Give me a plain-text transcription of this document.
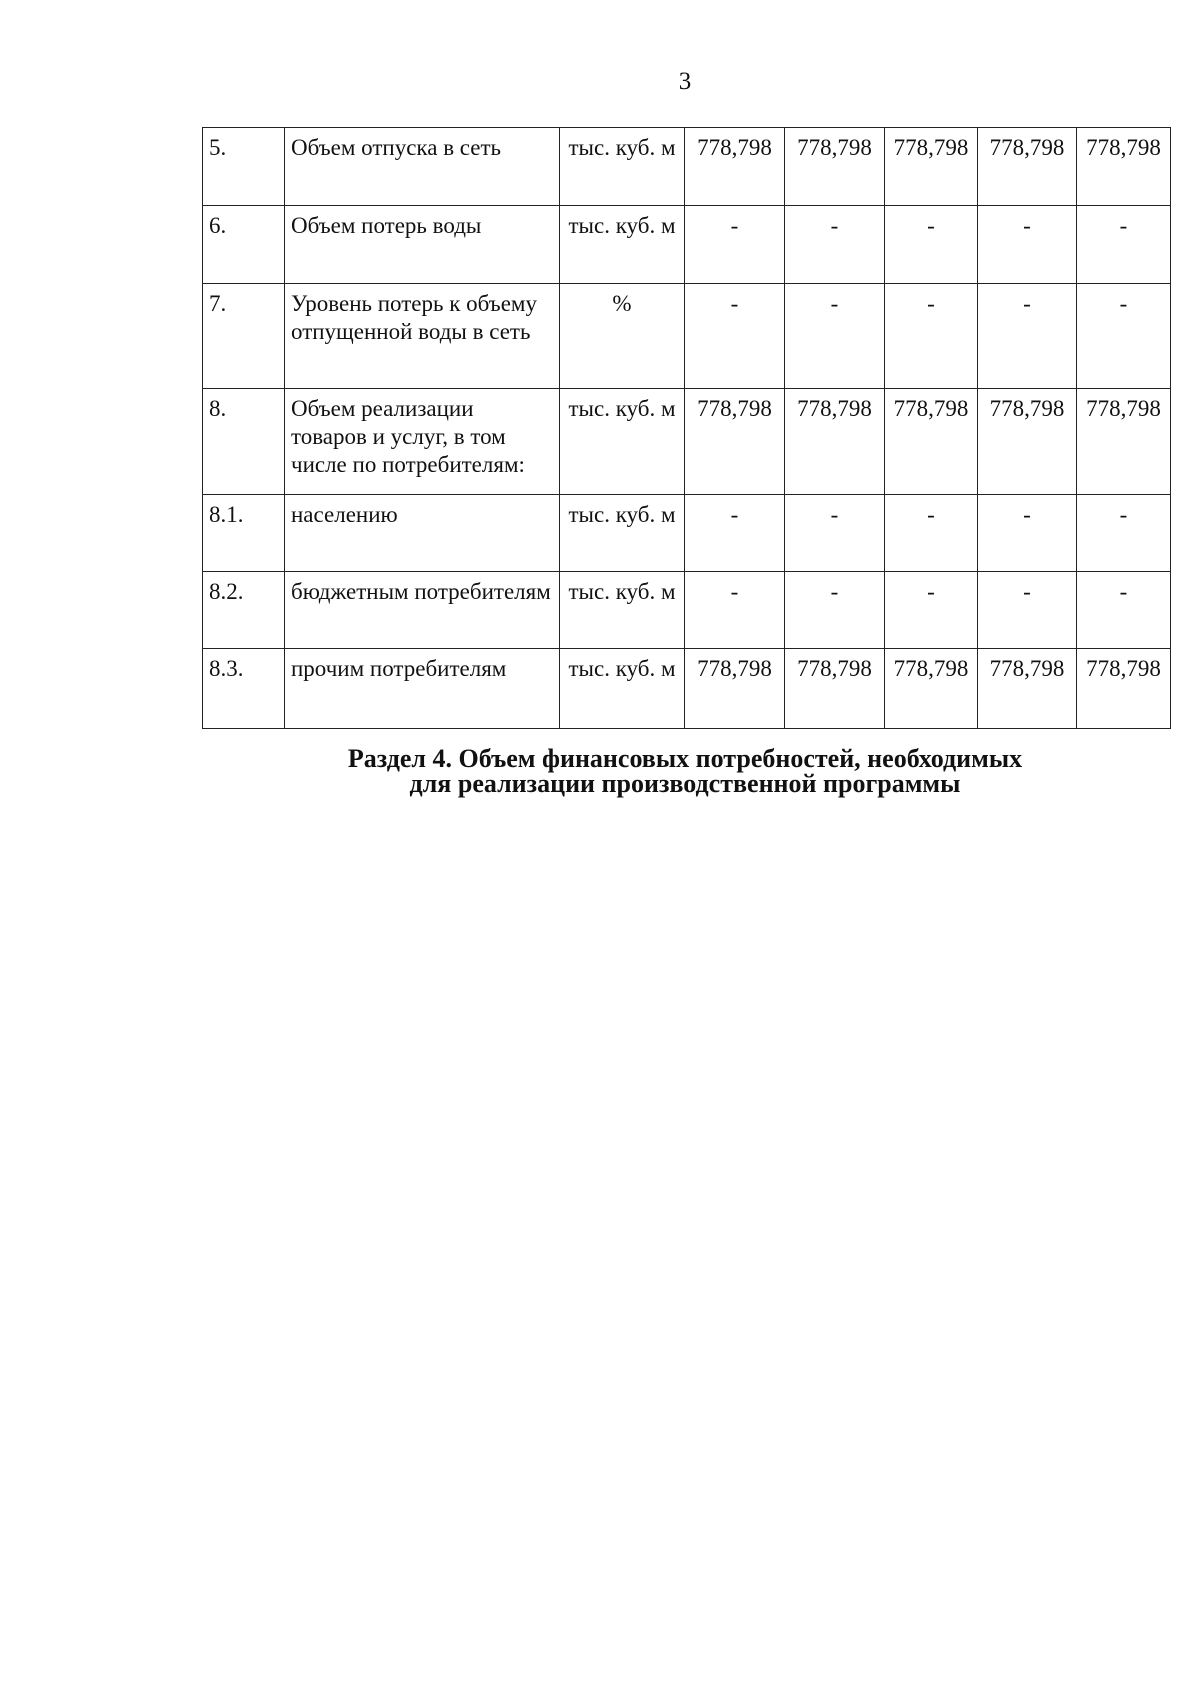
3
5.	Объем отпуска в сеть	тыс. куб. м	778,798	778,798	778,798	778,798	778,798
6.	Объем потерь воды	тыс. куб. м	-	-	-	-	-
7.	Уровень потерь к объему отпущенной воды в сеть	%	-	-	-	-	-
8.	Объем реализации товаров и услуг, в том числе по потребителям:	тыс. куб. м	778,798	778,798	778,798	778,798	778,798
8.1.	населению	тыс. куб. м	-	-	-	-	-
8.2.	бюджетным потребителям	тыс. куб. м	-	-	-	-	-
8.3.	прочим потребителям	тыс. куб. м	778,798	778,798	778,798	778,798	778,798
Раздел 4. Объем финансовых потребностей, необходимых
для реализации производственной программы
